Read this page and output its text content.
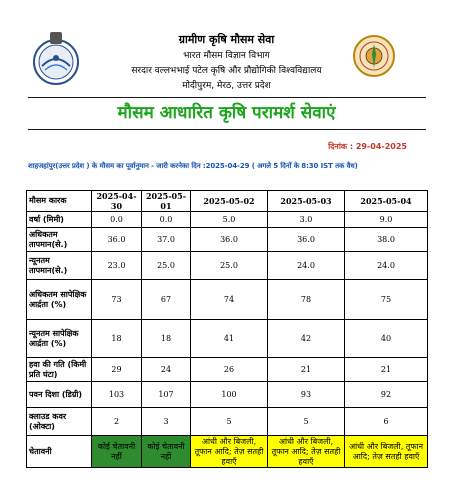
ग्रामीण कृषि मौसम सेवा
भारत मौसम विज्ञान विभाग
सरदार वल्लभभाई पटेल कृषि और प्रौद्योगिकी विश्वविद्यालय
मोदीपुरम, मेरठ, उत्तर प्रदेश
मौसम आधारित कृषि परामर्श सेवाएं
दिनांक : 29-04-2025
शाहजहांपुर(उत्तर प्रदेश ) के मौसम का पूर्वानुमान - जारी करनेका दिन :2025-04-29 ( अगले 5 दिनों के 8:30 IST तक वैध)
मौसम कारक	2025-04-30	2025-05-01	2025-05-02	2025-05-03	2025-05-04
वर्षा (मिमी)	0.0	0.0	5.0	3.0	9.0
अधिकतम तापमान(से.)	36.0	37.0	36.0	36.0	38.0
न्यूनतम तापमान(से.)	23.0	25.0	25.0	24.0	24.0
अधिकतम सापेक्षिक आर्द्रता (%)	73	67	74	78	75
न्यूनतम सापेक्षिक आर्द्रता (%)	18	18	41	42	40
हवा की गति (किमी प्रति घंटा)	29	24	26	21	21
पवन दिशा (डिग्री)	103	107	100	93	92
क्लाउड कवर (ओक्टा)	2	3	5	5	6
चेतावनी	कोई चेतावनी नहीं	कोई चेतावनी नहीं	आंधी और बिजली, तूफान आदि; तेज़ सतही हवाएँ	आंधी और बिजली, तूफान आदि; तेज़ सतही हवाएँ	आंधी और बिजली, तूफान आदि; तेज़ सतही हवाएँ
